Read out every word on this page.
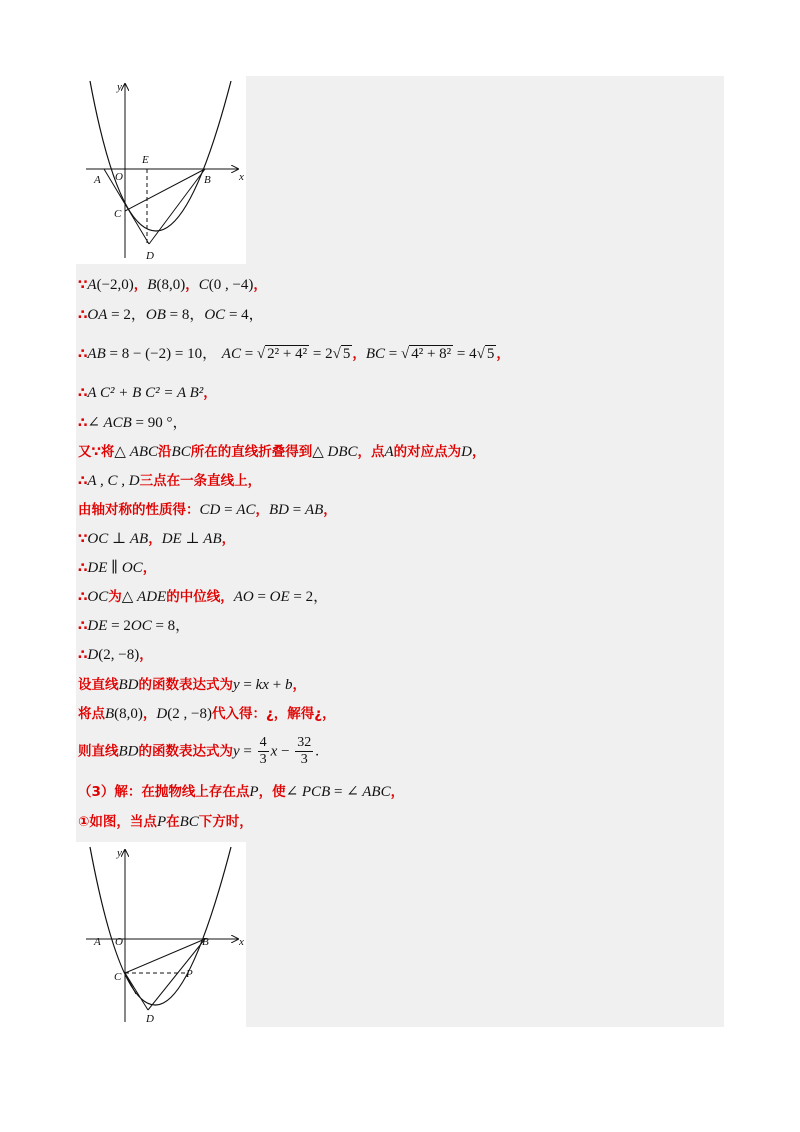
y
x
A O	B
C
D
E
∵A(−2,0)，B(8,0)，C(0 , −4)，
∴OA = 2，OB = 8，OC = 4，
∴AB = 8 − (−2) = 10， AC = √ 2² + 4² = 2√ 5 ，BC = √ 4² + 8² = 4√ 5 ，
∴A C² + B C² = A B²，
∴∠ ACB = 90 °，
又∵将△ ABC沿BC所在的直线折叠得到△ DBC，点A的对应点为D，
∴A , C , D三点在一条直线上，
由轴对称的性质得：CD = AC，BD = AB，
∵OC ⊥ AB，DE ⊥ AB，
∴DE ∥ OC，
∴OC为△ ADE的中位线，AO = OE = 2，
∴DE = 2OC = 8，
∴D(2, −8)，
设直线BD的函数表达式为y = kx + b，
将点B(8,0)，D(2 , −8)代入得：¿，解得¿，
则直线BD的函数表达式为$y = \frac{4}{3}$ $x - \frac{32}{3}$ .
（3）解：在抛物线上存在点P，使∠ PCB = ∠ ABC，
①如图，当点P在BC下方时，
y
x
A O	B
C
D
P
